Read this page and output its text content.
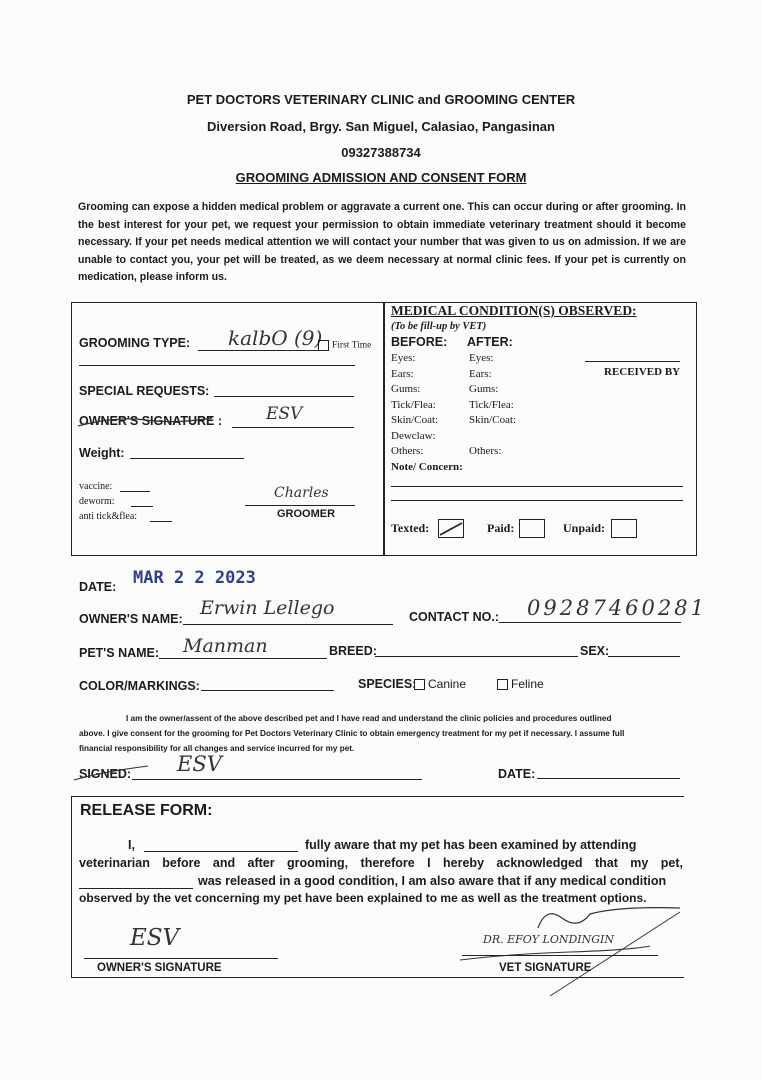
PET DOCTORS VETERINARY CLINIC and GROOMING CENTER
Diversion Road, Brgy. San Miguel, Calasiao, Pangasinan
09327388734
GROOMING ADMISSION AND CONSENT FORM
Grooming can expose a hidden medical problem or aggravate a current one. This can occur during or after grooming. In the best interest for your pet, we request your permission to obtain immediate veterinary treatment should it become necessary. If your pet needs medical attention we will contact your number that was given to us on admission. If we are unable to contact you, your pet will be treated, as we deem necessary at normal clinic fees. If your pet is currently on medication, please inform us.
GROOMING TYPE: kalbO (9)	First Time
SPECIAL REQUESTS:
OWNER'S SIGNATURE :	ESV
Weight:
vaccine:
deworm:
anti tick&flea:
Charles
GROOMER
MEDICAL CONDITION(S) OBSERVED:
(To be fill-up by VET)
BEFORE: AFTER:
RECEIVED BY
Eyes:	Eyes:
Ears:	Ears:
Gums:	Gums:
Tick/Flea:	Tick/Flea:
Skin/Coat:	Skin/Coat:
Dewclaw:
Others:	Others:
Note/ Concern:
Texted:	Paid:	Unpaid:
DATE: MAR 2 2 2023
OWNER'S NAME: Erwin Lellego	CONTACT NO.: 09287460281
PET'S NAME: Manman	BREED:	SEX:
COLOR/MARKINGS:	SPECIES: Canine	Feline
I am the owner/assent of the above described pet and I have read and understand the clinic policies and procedures outlined
above. I give consent for the grooming for Pet Doctors Veterinary Clinic to obtain emergency treatment for my pet if necessary. I assume full
financial responsibility for all changes and service incurred for my pet.
SIGNED: ESV	DATE:
RELEASE FORM:
I,	fully aware that my pet has been examined by attending
veterinarian before and after grooming, therefore I hereby acknowledged that my pet,
was released in a good condition, I am also aware that if any medical condition
observed by the vet concerning my pet have been explained to me as well as the treatment options.
ESV
OWNER'S SIGNATURE
DR. EFOY LONDINGIN
VET SIGNATURE
